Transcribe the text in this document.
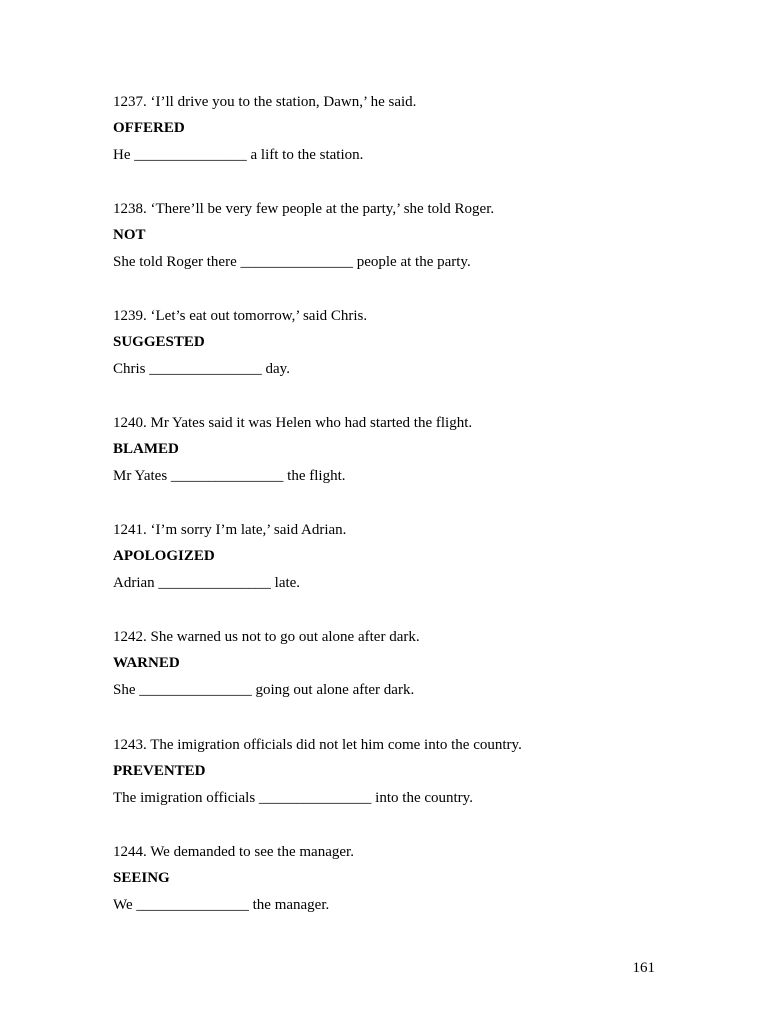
1237. ‘I’ll drive you to the station, Dawn,’ he said.
OFFERED
He _______________ a lift to the station.
1238. ‘There’ll be very few people at the party,’ she told Roger.
NOT
She told Roger there _______________ people at the party.
1239. ‘Let’s eat out tomorrow,’ said Chris.
SUGGESTED
Chris _______________ day.
1240. Mr Yates said it was Helen who had started the flight.
BLAMED
Mr Yates _______________ the flight.
1241. ‘I’m sorry I’m late,’ said Adrian.
APOLOGIZED
Adrian _______________ late.
1242. She warned us not to go out alone after dark.
WARNED
She _______________ going out alone after dark.
1243. The imigration officials did not let him come into the country.
PREVENTED
The imigration officials _______________ into the country.
1244. We demanded to see the manager.
SEEING
We _______________ the manager.
161
